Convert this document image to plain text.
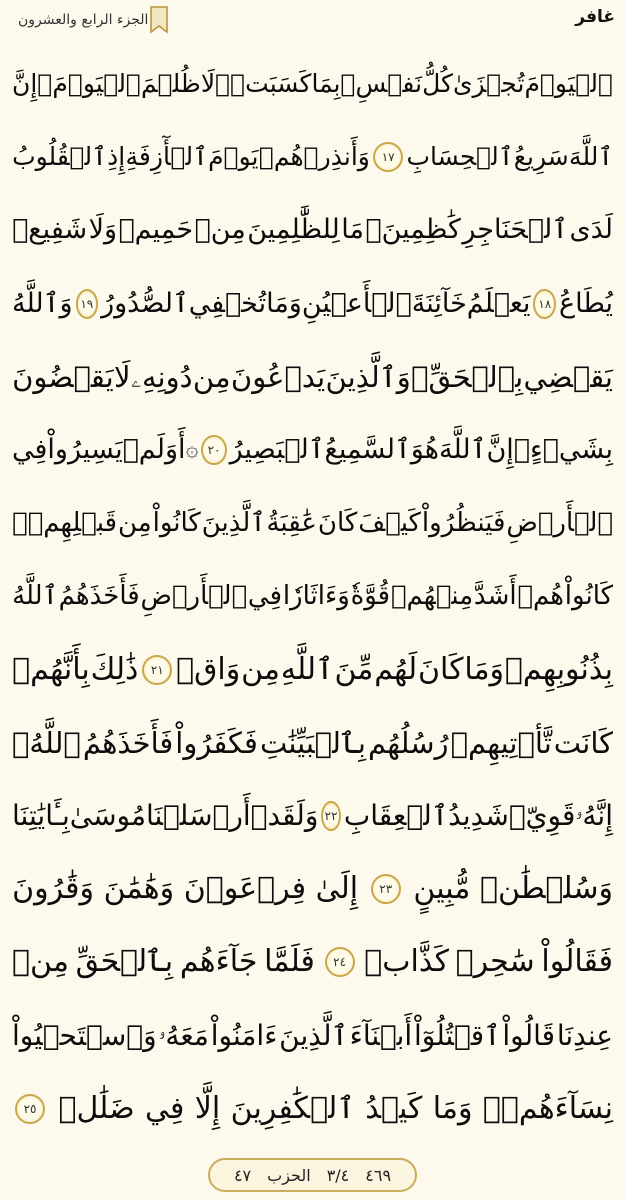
غافر
الجزء الرابع والعشرون
ٱلۡيَوۡمَ
تُجۡزَىٰ
كُلُّ
نَفۡسِۭ
بِمَا
كَسَبَتۡۚ
لَا
ظُلۡمَ
ٱلۡيَوۡمَۚ
إِنَّ
ٱللَّهَ
سَرِيعُ
ٱلۡحِسَابِ
١٧
وَأَنذِرۡهُمۡ
يَوۡمَ
ٱلۡأٓزِفَةِ
إِذِ
ٱلۡقُلُوبُ
لَدَى
ٱلۡحَنَاجِرِ
كَٰظِمِينَۚ
مَا
لِلظَّٰلِمِينَ
مِنۡ
حَمِيمٖ
وَلَا
شَفِيعٖ
يُطَاعُ
١٨
يَعۡلَمُ
خَآئِنَةَ
ٱلۡأَعۡيُنِ
وَمَا
تُخۡفِي
ٱلصُّدُورُ
١٩
وَٱللَّهُ
يَقۡضِي
بِٱلۡحَقِّۖ
وَٱلَّذِينَ
يَدۡعُونَ
مِن
دُونِهِۦ
لَا
يَقۡضُونَ
بِشَيۡءٍۗ
إِنَّ
ٱللَّهَ
هُوَ
ٱلسَّمِيعُ
ٱلۡبَصِيرُ
٢٠
۞
أَوَلَمۡ
يَسِيرُواْ
فِي
ٱلۡأَرۡضِ
فَيَنظُرُواْ
كَيۡفَ
كَانَ
عَٰقِبَةُ
ٱلَّذِينَ
كَانُواْ
مِن
قَبۡلِهِمۡۚ
كَانُواْ
هُمۡ
أَشَدَّ
مِنۡهُمۡ
قُوَّةٗ
وَءَاثَارٗا
فِي
ٱلۡأَرۡضِ
فَأَخَذَهُمُ
ٱللَّهُ
بِذُنُوبِهِمۡ
وَمَا
كَانَ
لَهُم
مِّنَ
ٱللَّهِ
مِن
وَاقٖ
٢١
ذَٰلِكَ
بِأَنَّهُمۡ
كَانَت
تَّأۡتِيهِمۡ
رُسُلُهُم
بِٱلۡبَيِّنَٰتِ
فَكَفَرُواْ
فَأَخَذَهُمُ
ٱللَّهُۚ
إِنَّهُۥ
قَوِيّٞ
شَدِيدُ
ٱلۡعِقَابِ
٢٢
وَلَقَدۡ
أَرۡسَلۡنَا
مُوسَىٰ
بِـَٔايَٰتِنَا
وَسُلۡطَٰنٖ
مُّبِينٍ
٢٣
إِلَىٰ
فِرۡعَوۡنَ
وَهَٰمَٰنَ
وَقَٰرُونَ
فَقَالُواْ
سَٰحِرٞ
كَذَّابٞ
٢٤
فَلَمَّا
جَآءَهُم
بِٱلۡحَقِّ
مِنۡ
عِندِنَا
قَالُواْ
ٱقۡتُلُوٓاْ
أَبۡنَآءَ
ٱلَّذِينَ
ءَامَنُواْ
مَعَهُۥ
وَٱسۡتَحۡيُواْ
نِسَآءَهُمۡۚ
وَمَا
كَيۡدُ
ٱلۡكَٰفِرِينَ
إِلَّا
فِي
ضَلَٰلٖ
٢٥
٤٦٩
٣/٤
الحزب
٤٧
